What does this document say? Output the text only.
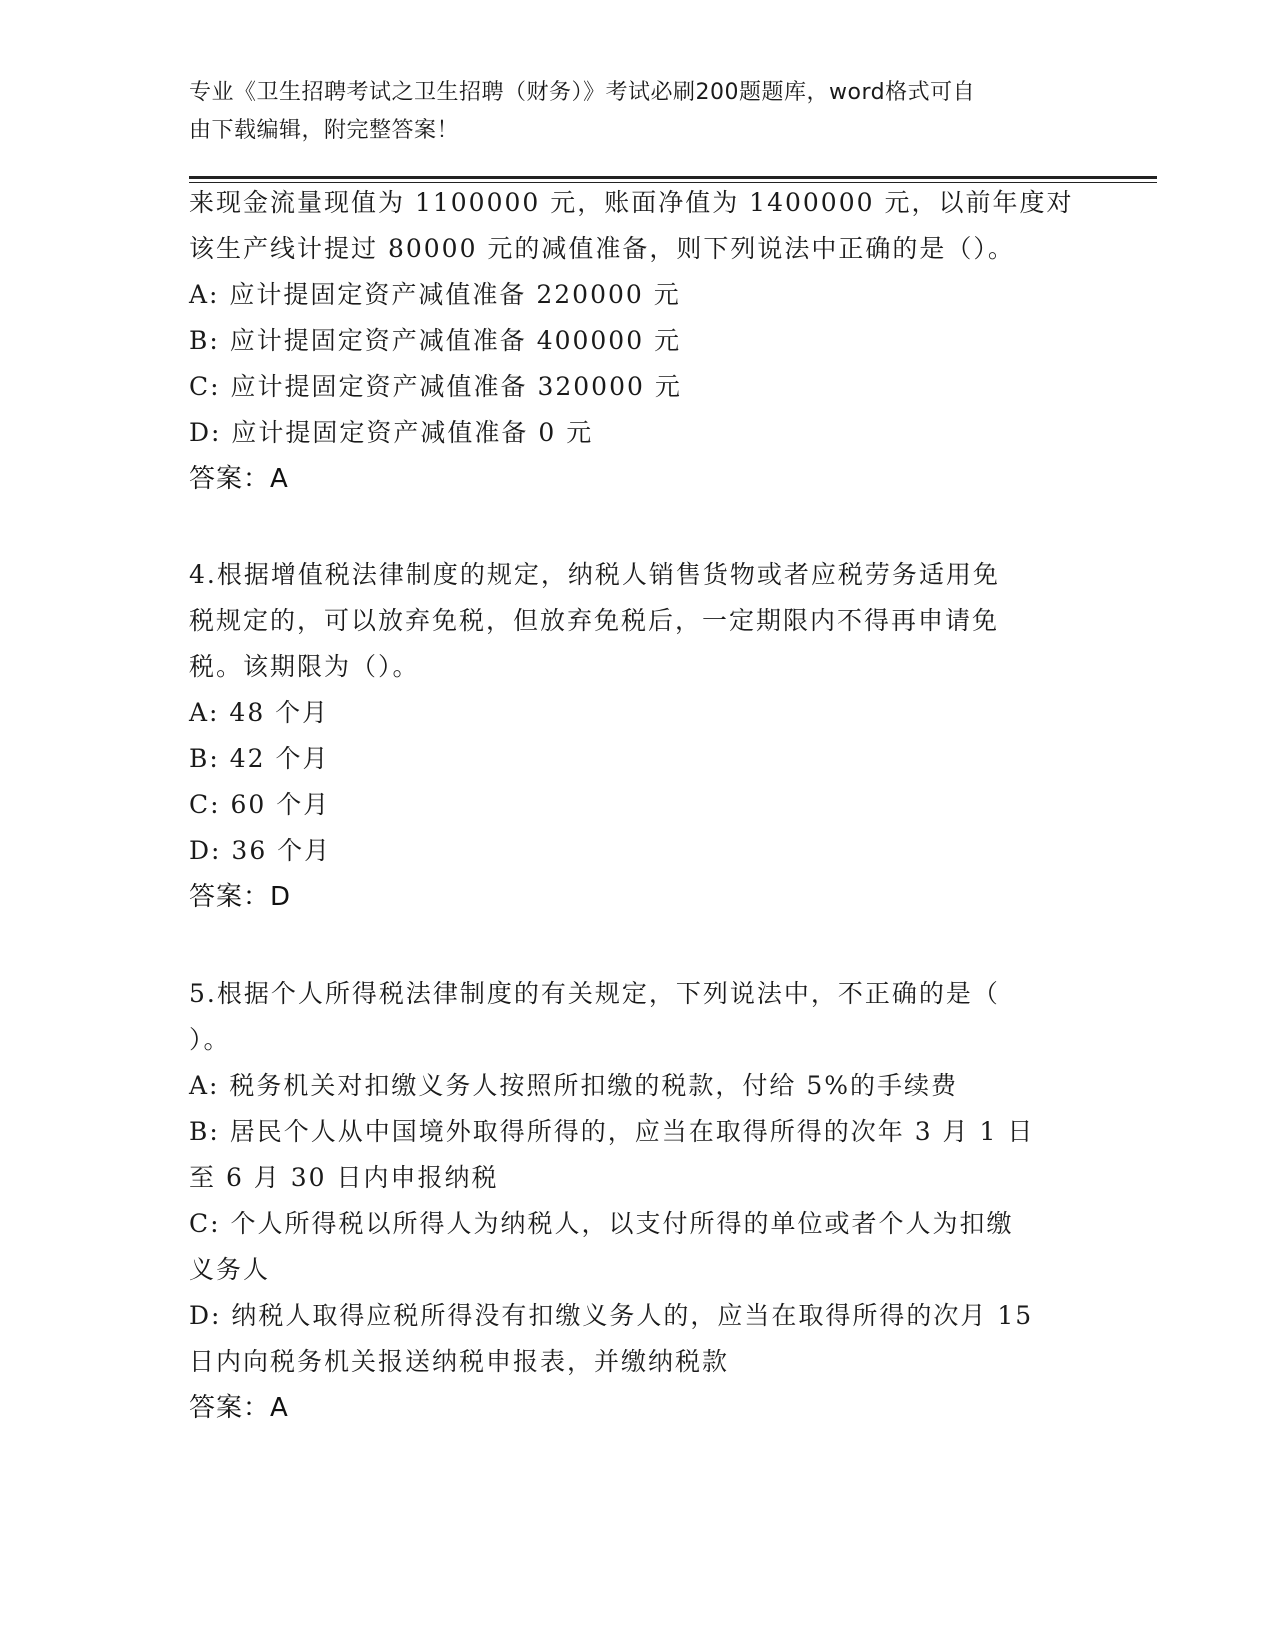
专业《卫生招聘考试之卫生招聘（财务）》考试必刷200题题库，word格式可自
由下载编辑，附完整答案！
来现金流量现值为 1100000 元，账面净值为 1400000 元，以前年度对
该生产线计提过 80000 元的减值准备，则下列说法中正确的是（）。
A: 应计提固定资产减值准备 220000 元
B: 应计提固定资产减值准备 400000 元
C: 应计提固定资产减值准备 320000 元
D: 应计提固定资产减值准备 0 元
答案：A
4.根据增值税法律制度的规定，纳税人销售货物或者应税劳务适用免
税规定的，可以放弃免税，但放弃免税后，一定期限内不得再申请免
税。该期限为（）。
A: 48 个月
B: 42 个月
C: 60 个月
D: 36 个月
答案：D
5.根据个人所得税法律制度的有关规定，下列说法中，不正确的是（
）。
A: 税务机关对扣缴义务人按照所扣缴的税款，付给 5%的手续费
B: 居民个人从中国境外取得所得的，应当在取得所得的次年 3 月 1 日
至 6 月 30 日内申报纳税
C: 个人所得税以所得人为纳税人，以支付所得的单位或者个人为扣缴
义务人
D: 纳税人取得应税所得没有扣缴义务人的，应当在取得所得的次月 15
日内向税务机关报送纳税申报表，并缴纳税款
答案：A
